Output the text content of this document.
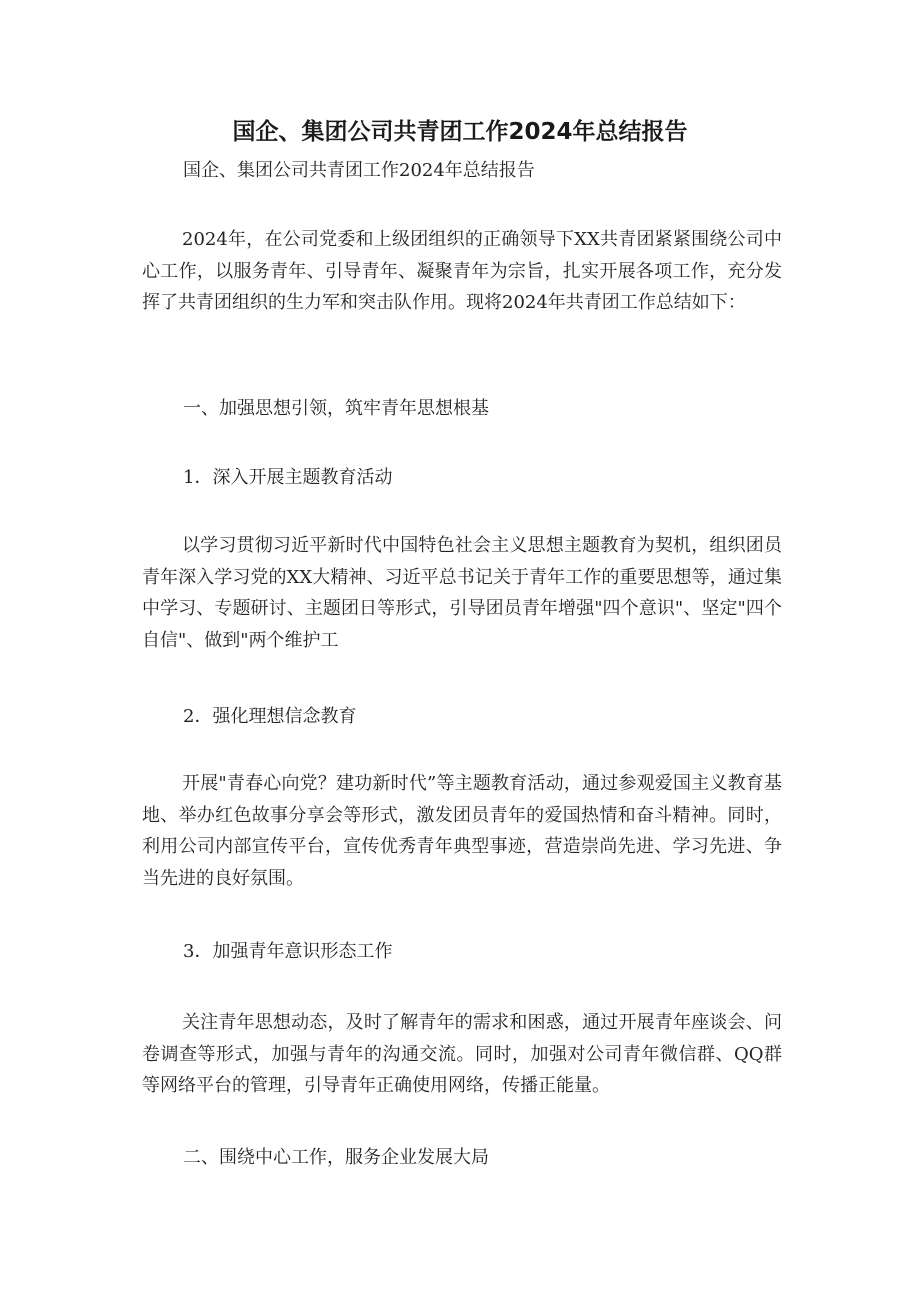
国企、集团公司共青团工作2024年总结报告

国企、集团公司共青团工作2024年总结报告

2024年，在公司党委和上级团组织的正确领导下XX共青团紧紧围绕公司中心工作，以服务青年、引导青年、凝聚青年为宗旨，扎实开展各项工作，充分发挥了共青团组织的生力军和突击队作用。现将2024年共青团工作总结如下：

一、加强思想引领，筑牢青年思想根基

1．深入开展主题教育活动

以学习贯彻习近平新时代中国特色社会主义思想主题教育为契机，组织团员青年深入学习党的XX大精神、习近平总书记关于青年工作的重要思想等，通过集中学习、专题研讨、主题团日等形式，引导团员青年增强"四个意识"、坚定"四个自信"、做到"两个维护工

2．强化理想信念教育

开展"青春心向党？建功新时代”等主题教育活动，通过参观爱国主义教育基地、举办红色故事分享会等形式，激发团员青年的爱国热情和奋斗精神。同时，利用公司内部宣传平台，宣传优秀青年典型事迹，营造崇尚先进、学习先进、争当先进的良好氛围。

3．加强青年意识形态工作

关注青年思想动态，及时了解青年的需求和困惑，通过开展青年座谈会、问卷调查等形式，加强与青年的沟通交流。同时，加强对公司青年微信群、QQ群等网络平台的管理，引导青年正确使用网络，传播正能量。

二、围绕中心工作，服务企业发展大局
